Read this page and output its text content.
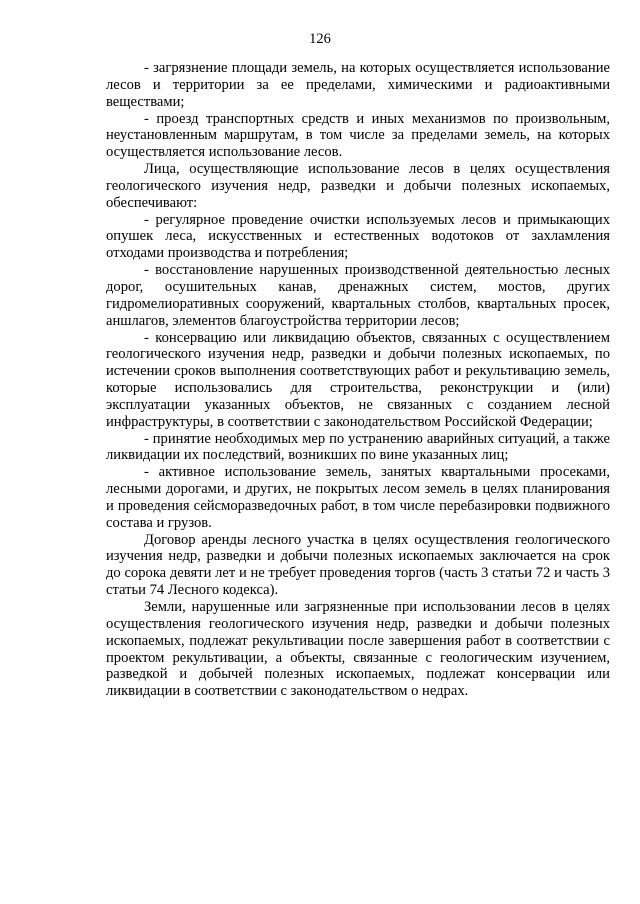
126

- загрязнение площади земель, на которых осуществляется использование лесов и территории за ее пределами, химическими и радиоактивными веществами;

- проезд транспортных средств и иных механизмов по произвольным, неустановленным маршрутам, в том числе за пределами земель, на которых осуществляется использование лесов.

Лица, осуществляющие использование лесов в целях осуществления геологического изучения недр, разведки и добычи полезных ископаемых, обеспечивают:

- регулярное проведение очистки используемых лесов и примыкающих опушек леса, искусственных и естественных водотоков от захламления отходами производства и потребления;

- восстановление нарушенных производственной деятельностью лесных дорог, осушительных канав, дренажных систем, мостов, других гидромелиоративных сооружений, квартальных столбов, квартальных просек, аншлагов, элементов благоустройства территории лесов;

- консервацию или ликвидацию объектов, связанных с осуществлением геологического изучения недр, разведки и добычи полезных ископаемых, по истечении сроков выполнения соответствующих работ и рекультивацию земель, которые использовались для строительства, реконструкции и (или) эксплуатации указанных объектов, не связанных с созданием лесной инфраструктуры, в соответствии с законодательством Российской Федерации;

- принятие необходимых мер по устранению аварийных ситуаций, а также ликвидации их последствий, возникших по вине указанных лиц;

- активное использование земель, занятых квартальными просеками, лесными дорогами, и других, не покрытых лесом земель в целях планирования и проведения сейсморазведочных работ, в том числе перебазировки подвижного состава и грузов.

Договор аренды лесного участка в целях осуществления геологического изучения недр, разведки и добычи полезных ископаемых заключается на срок до сорока девяти лет и не требует проведения торгов (часть 3 статьи 72 и часть 3 статьи 74 Лесного кодекса).

Земли, нарушенные или загрязненные при использовании лесов в целях осуществления геологического изучения недр, разведки и добычи полезных ископаемых, подлежат рекультивации после завершения работ в соответствии с проектом рекультивации, а объекты, связанные с геологическим изучением, разведкой и добычей полезных ископаемых, подлежат консервации или ликвидации в соответствии с законодательством о недрах.
